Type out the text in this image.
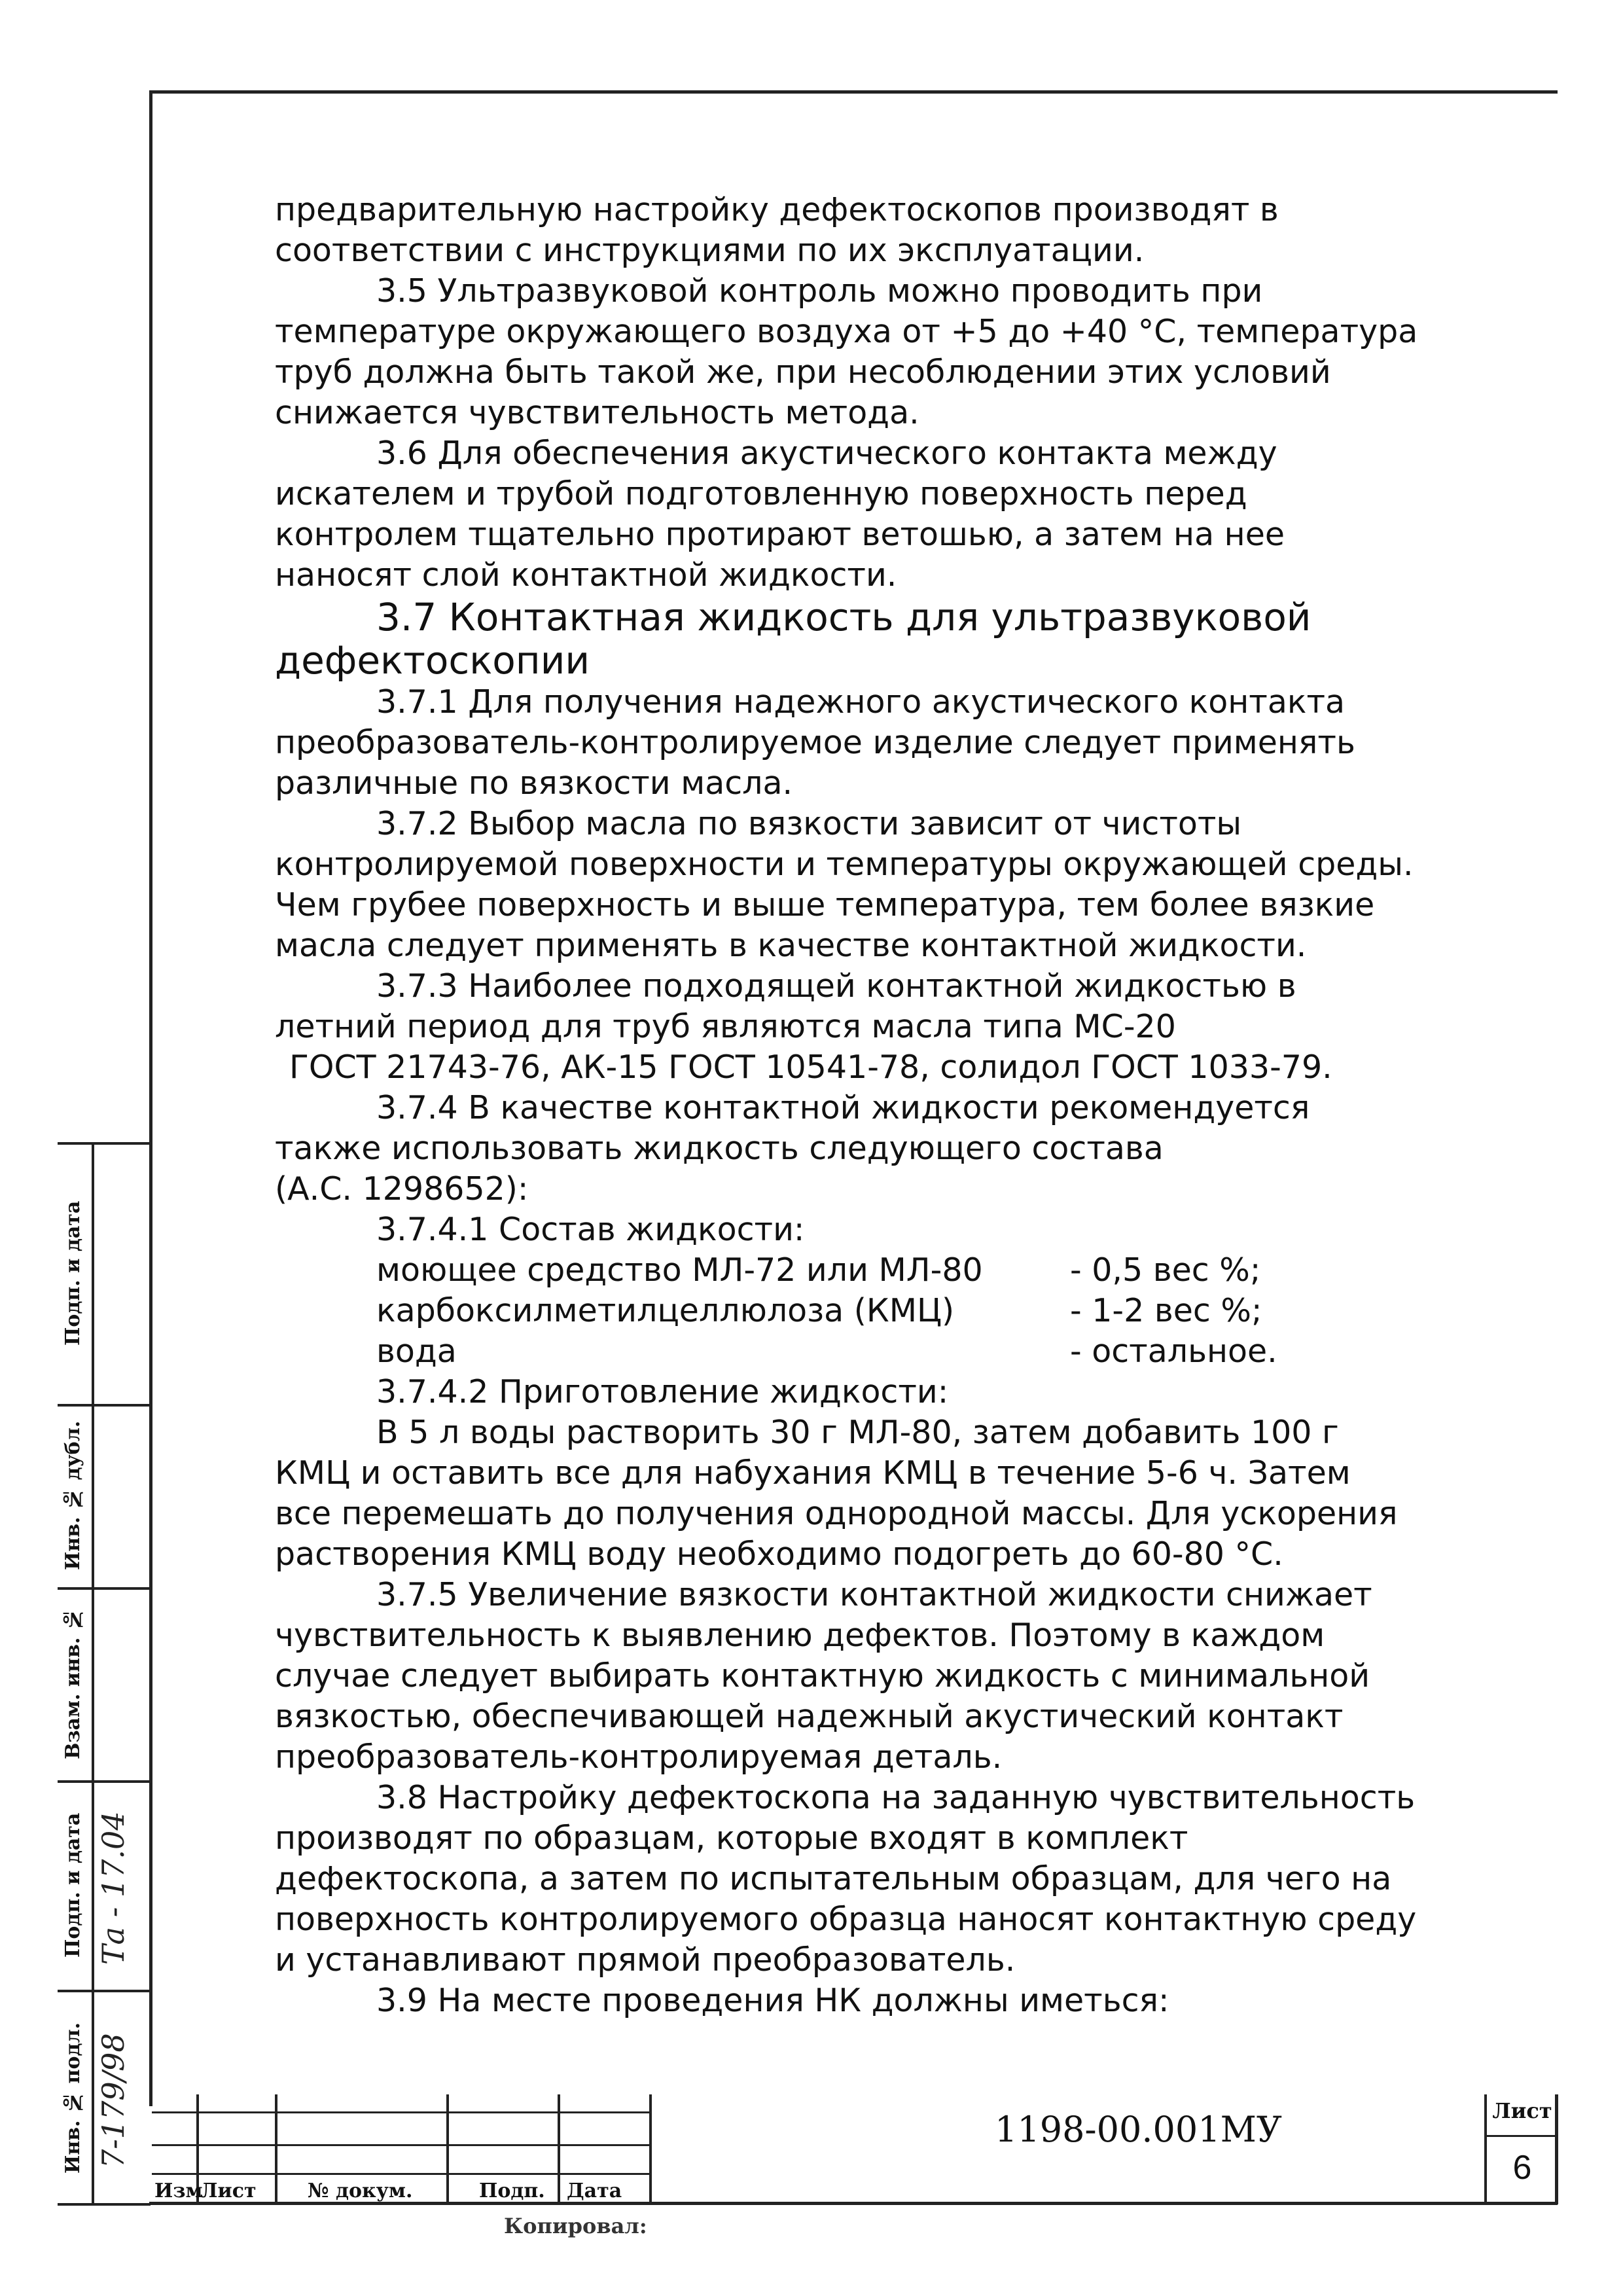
предварительную настройку дефектоскопов производят в

соответствии с инструкциями по их эксплуатации.

3.5 Ультразвуковой контроль можно проводить при

температуре окружающего воздуха от +5 до +40 °С, температура

труб должна быть такой же, при несоблюдении этих условий

снижается чувствительность метода.

3.6 Для обеспечения акустического контакта между

искателем и трубой подготовленную поверхность перед

контролем тщательно протирают ветошью, а затем на нее

наносят слой контактной жидкости.

3.7 Контактная жидкость для ультразвуковой

дефектоскопии

3.7.1 Для получения надежного акустического контакта

преобразователь-контролируемое изделие следует применять

различные по вязкости масла.

3.7.2 Выбор масла по вязкости зависит от чистоты

контролируемой поверхности и температуры окружающей среды.

Чем грубее поверхность и выше температура, тем более вязкие

масла следует применять в качестве контактной жидкости.

3.7.3 Наиболее подходящей контактной жидкостью в

летний период для труб являются масла типа МС-20

ГОСТ 21743-76, АК-15 ГОСТ 10541-78, солидол ГОСТ 1033-79.

3.7.4 В качестве контактной жидкости рекомендуется

также использовать жидкость следующего состава

(А.С. 1298652):

3.7.4.1 Состав жидкости:

моющее средство МЛ-72 или МЛ-80	- 0,5 вес %;
карбоксилметилцеллюлоза (КМЦ)	- 1-2 вес %;
вода	- остальное.

3.7.4.2 Приготовление жидкости:

В 5 л воды растворить 30 г МЛ-80, затем добавить 100 г

КМЦ и оставить все для набухания КМЦ в течение 5-6 ч. Затем

все перемешать до получения однородной массы. Для ускорения

растворения КМЦ воду необходимо подогреть до 60-80 °С.

3.7.5 Увеличение вязкости контактной жидкости снижает

чувствительность к выявлению дефектов. Поэтому в каждом

случае следует выбирать контактную жидкость с минимальной

вязкостью, обеспечивающей надежный акустический контакт

преобразователь-контролируемая деталь.

3.8 Настройку дефектоскопа на заданную чувствительность

производят по образцам, которые входят в комплект

дефектоскопа, а затем по испытательным образцам, для чего на

поверхность контролируемого образца наносят контактную среду

и устанавливают прямой преобразователь.

3.9 На месте проведения НК должны иметься:

Подп. и дата
Инв. № дубл.
Взам. инв. №
Подп. и дата
Инв. № подл.
Та - 17.04
7-179/98
Изм
Лист	№ докум.	Подп. Дата
1198-00.001МУ	Лист
6
Копировал:
